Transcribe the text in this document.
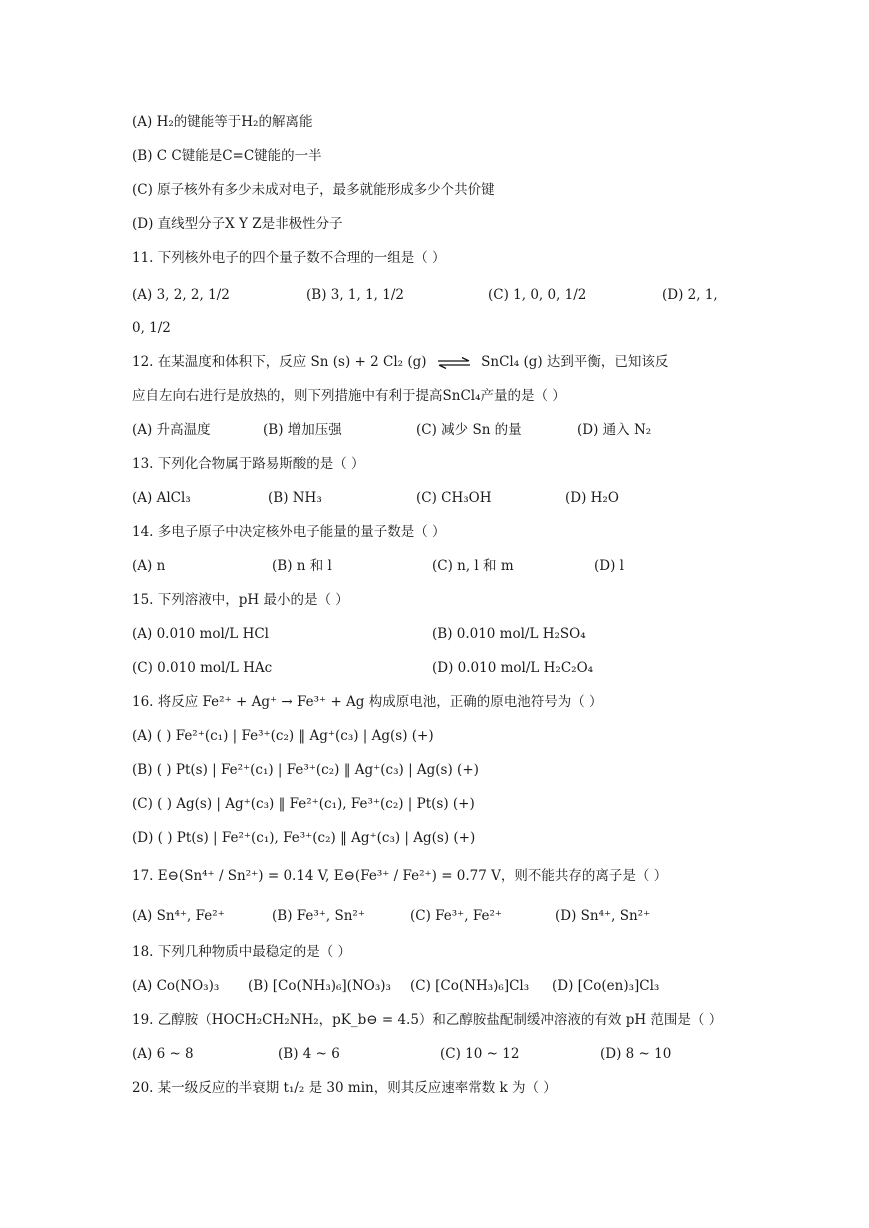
(A) H₂的键能等于H₂的解离能
(B) C C键能是C=C键能的一半
(C) 原子核外有多少未成对电子，最多就能形成多少个共价键
(D) 直线型分子X Y Z是非极性分子
11. 下列核外电子的四个量子数不合理的一组是（ ）
(A) 3, 2, 2, 1/2	(B) 3, 1, 1, 1/2	(C) 1, 0, 0, 1/2	(D) 2, 1,
0, 1/2
12. 在某温度和体积下，反应 Sn (s) + 2 Cl₂ (g) ⇌ SnCl₄ (g) 达到平衡，已知该反
应自左向右进行是放热的，则下列措施中有利于提高SnCl₄产量的是（ ）
(A) 升高温度	(B) 增加压强	(C) 减少 Sn 的量	(D) 通入 N₂
13. 下列化合物属于路易斯酸的是（ ）
(A) AlCl₃	(B) NH₃	(C) CH₃OH	(D) H₂O
14. 多电子原子中决定核外电子能量的量子数是（ ）
(A) n	(B) n 和 l	(C) n, l 和 m	(D) l
15. 下列溶液中，pH 最小的是（ ）
(A) 0.010 mol/L HCl	(B) 0.010 mol/L H₂SO₄
(C) 0.010 mol/L HAc	(D) 0.010 mol/L H₂C₂O₄
16. 将反应 Fe²⁺ + Ag⁺ → Fe³⁺ + Ag 构成原电池，正确的原电池符号为（ ）
(A) ( ) Fe²⁺(c₁) | Fe³⁺(c₂) ‖ Ag⁺(c₃) | Ag(s) (+)
(B) ( ) Pt(s) | Fe²⁺(c₁) | Fe³⁺(c₂) ‖ Ag⁺(c₃) | Ag(s) (+)
(C) ( ) Ag(s) | Ag⁺(c₃) ‖ Fe²⁺(c₁), Fe³⁺(c₂) | Pt(s) (+)
(D) ( ) Pt(s) | Fe²⁺(c₁), Fe³⁺(c₂) ‖ Ag⁺(c₃) | Ag(s) (+)
17. E⊖(Sn⁴⁺ / Sn²⁺) = 0.14 V, E⊖(Fe³⁺ / Fe²⁺) = 0.77 V，则不能共存的离子是（ ）
(A) Sn⁴⁺, Fe²⁺	(B) Fe³⁺, Sn²⁺	(C) Fe³⁺, Fe²⁺	(D) Sn⁴⁺, Sn²⁺
18. 下列几种物质中最稳定的是（ ）
(A) Co(NO₃)₃ (B) [Co(NH₃)₆](NO₃)₃ (C) [Co(NH₃)₆]Cl₃ (D) [Co(en)₃]Cl₃
19. 乙醇胺（HOCH₂CH₂NH₂，pK_b⊖ = 4.5）和乙醇胺盐配制缓冲溶液的有效 pH 范围是（ ）
(A) 6 ~ 8	(B) 4 ~ 6	(C) 10 ~ 12	(D) 8 ~ 10
20. 某一级反应的半衰期 t₁/₂ 是 30 min，则其反应速率常数 k 为（ ）
